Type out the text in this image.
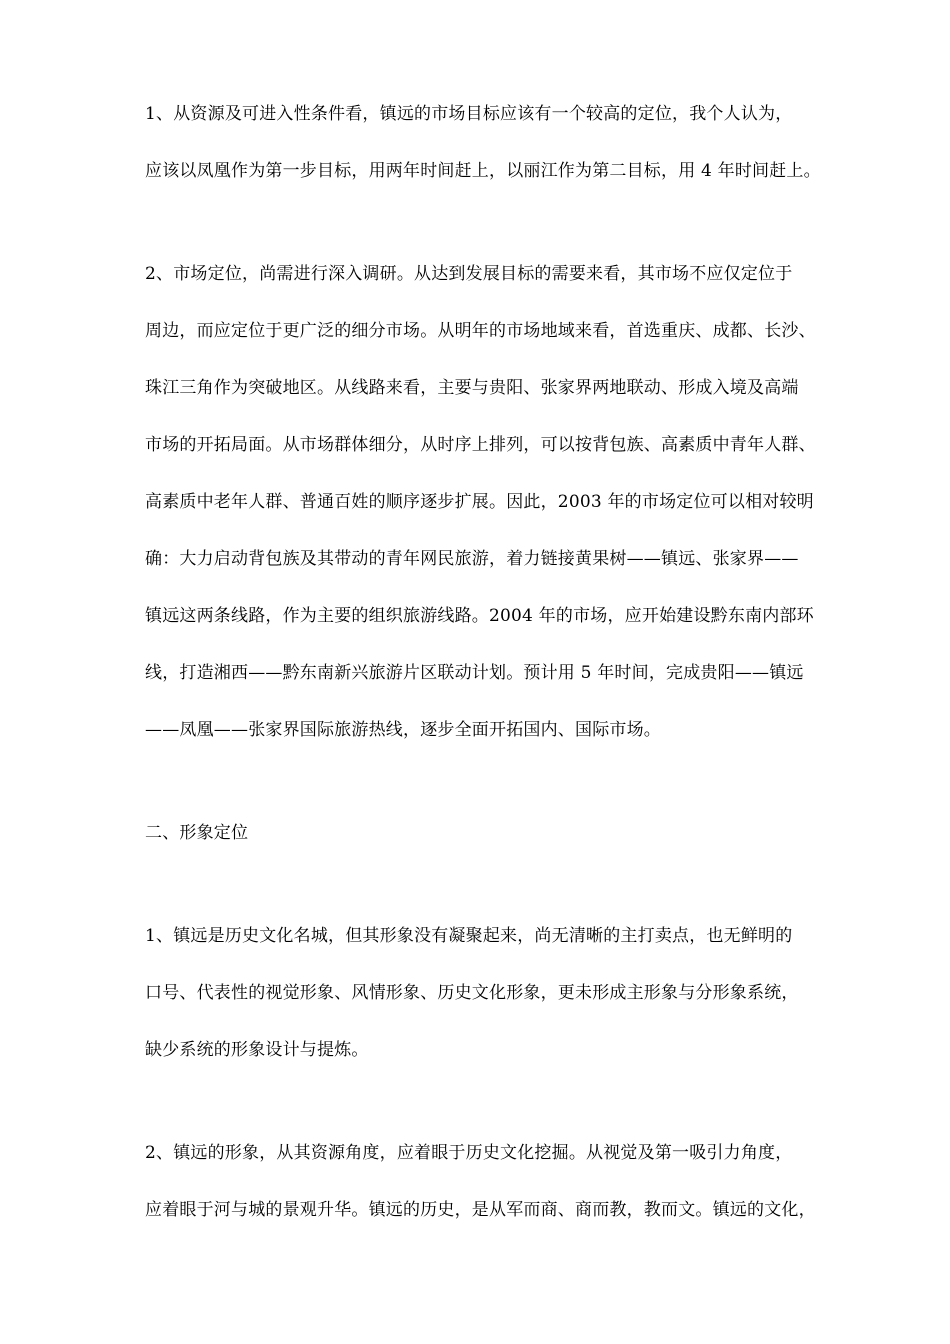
1、从资源及可进入性条件看，镇远的市场目标应该有一个较高的定位，我个人认为，
应该以凤凰作为第一步目标，用两年时间赶上，以丽江作为第二目标，用 4 年时间赶上。
2、市场定位，尚需进行深入调研。从达到发展目标的需要来看，其市场不应仅定位于
周边，而应定位于更广泛的细分市场。从明年的市场地域来看，首选重庆、成都、长沙、
珠江三角作为突破地区。从线路来看，主要与贵阳、张家界两地联动、形成入境及高端
市场的开拓局面。从市场群体细分，从时序上排列，可以按背包族、高素质中青年人群、
高素质中老年人群、普通百姓的顺序逐步扩展。因此，2003 年的市场定位可以相对较明
确：大力启动背包族及其带动的青年网民旅游，着力链接黄果树——镇远、张家界——
镇远这两条线路，作为主要的组织旅游线路。2004 年的市场，应开始建设黔东南内部环
线，打造湘西——黔东南新兴旅游片区联动计划。预计用 5 年时间，完成贵阳——镇远
——凤凰——张家界国际旅游热线，逐步全面开拓国内、国际市场。
二、形象定位
1、镇远是历史文化名城，但其形象没有凝聚起来，尚无清晰的主打卖点，也无鲜明的
口号、代表性的视觉形象、风情形象、历史文化形象，更未形成主形象与分形象系统，
缺少系统的形象设计与提炼。
2、镇远的形象，从其资源角度，应着眼于历史文化挖掘。从视觉及第一吸引力角度，
应着眼于河与城的景观升华。镇远的历史，是从军而商、商而教，教而文。镇远的文化，
